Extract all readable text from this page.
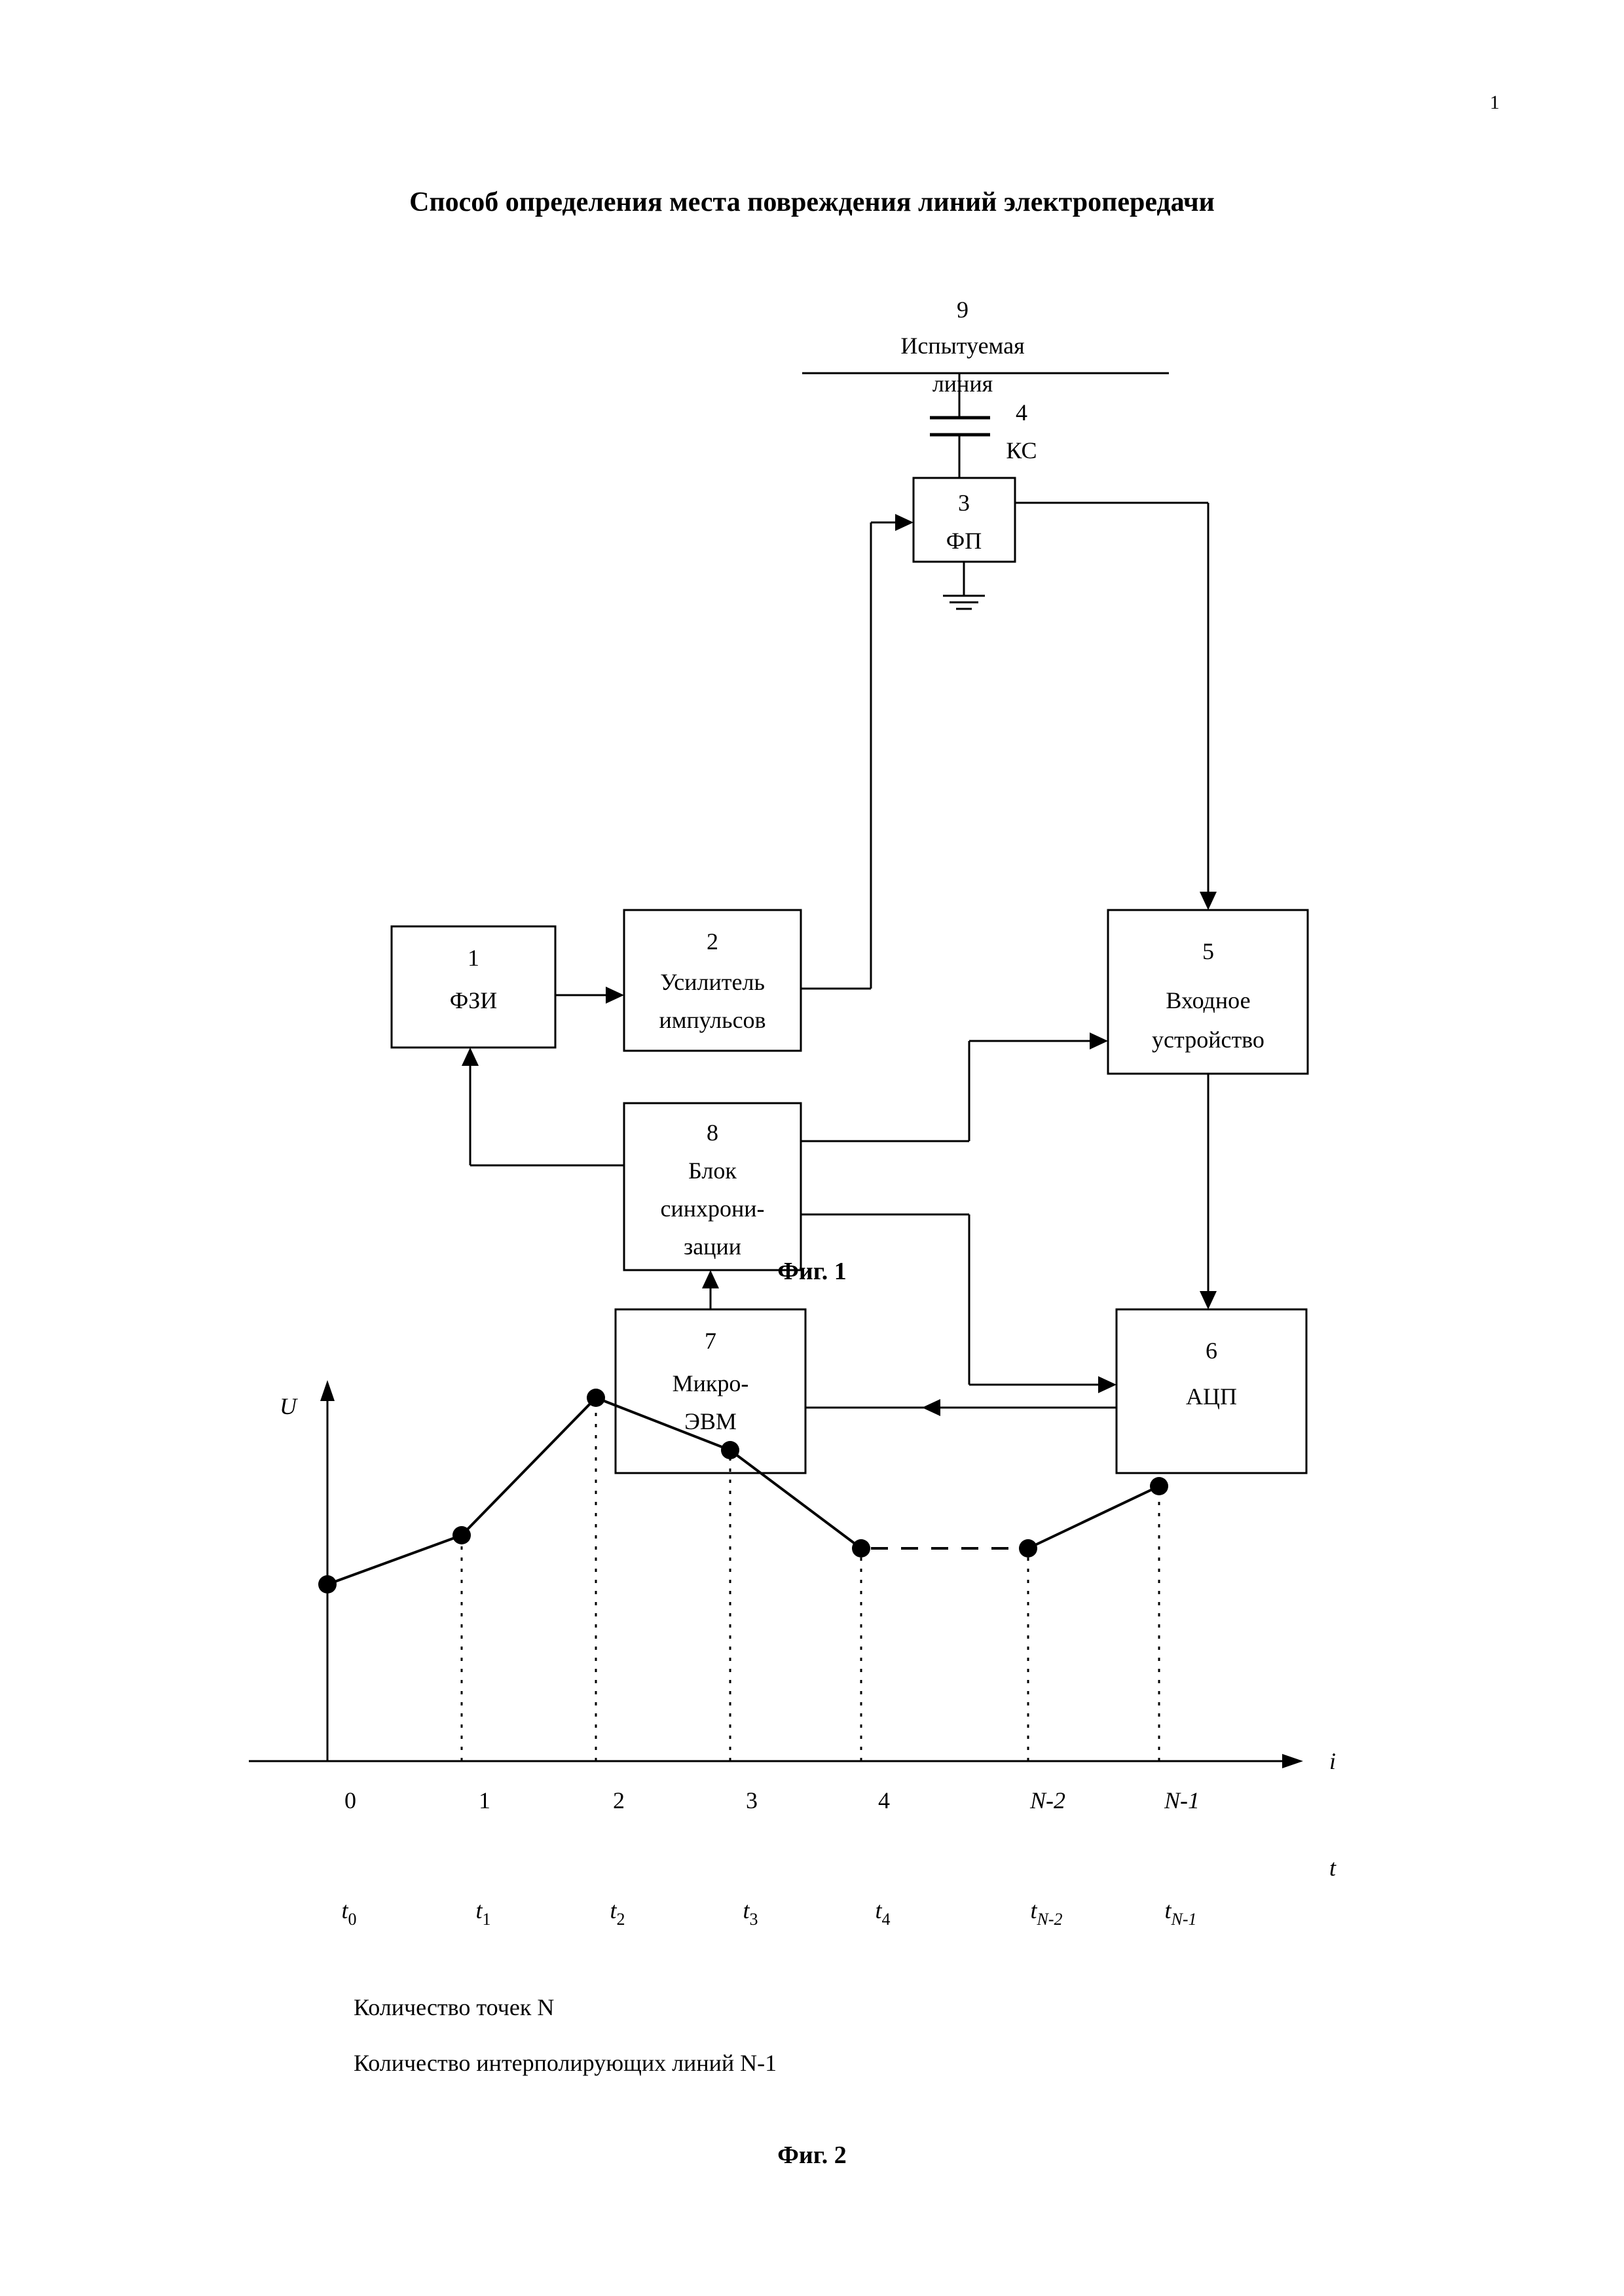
1
Способ определения места повреждения линий электропередачи
9
Испытуемая
линия
4
КС
3
ФП
1
ФЗИ
2
Усилитель
импульсов
5
Входное
устройство
8
Блок
синхрони-
зации
7
Микро-
ЭВМ
6
АЦП
Фиг. 1
U
i
t
0	1	2	3	4	N-2	N-1
$t_0$	$t_1$	$t_2$	$t_3$	$t_4$	$t_{N-2}$	$t_{N-1}$
Количество точек N
Количество интерполирующих линий N-1
Фиг. 2
